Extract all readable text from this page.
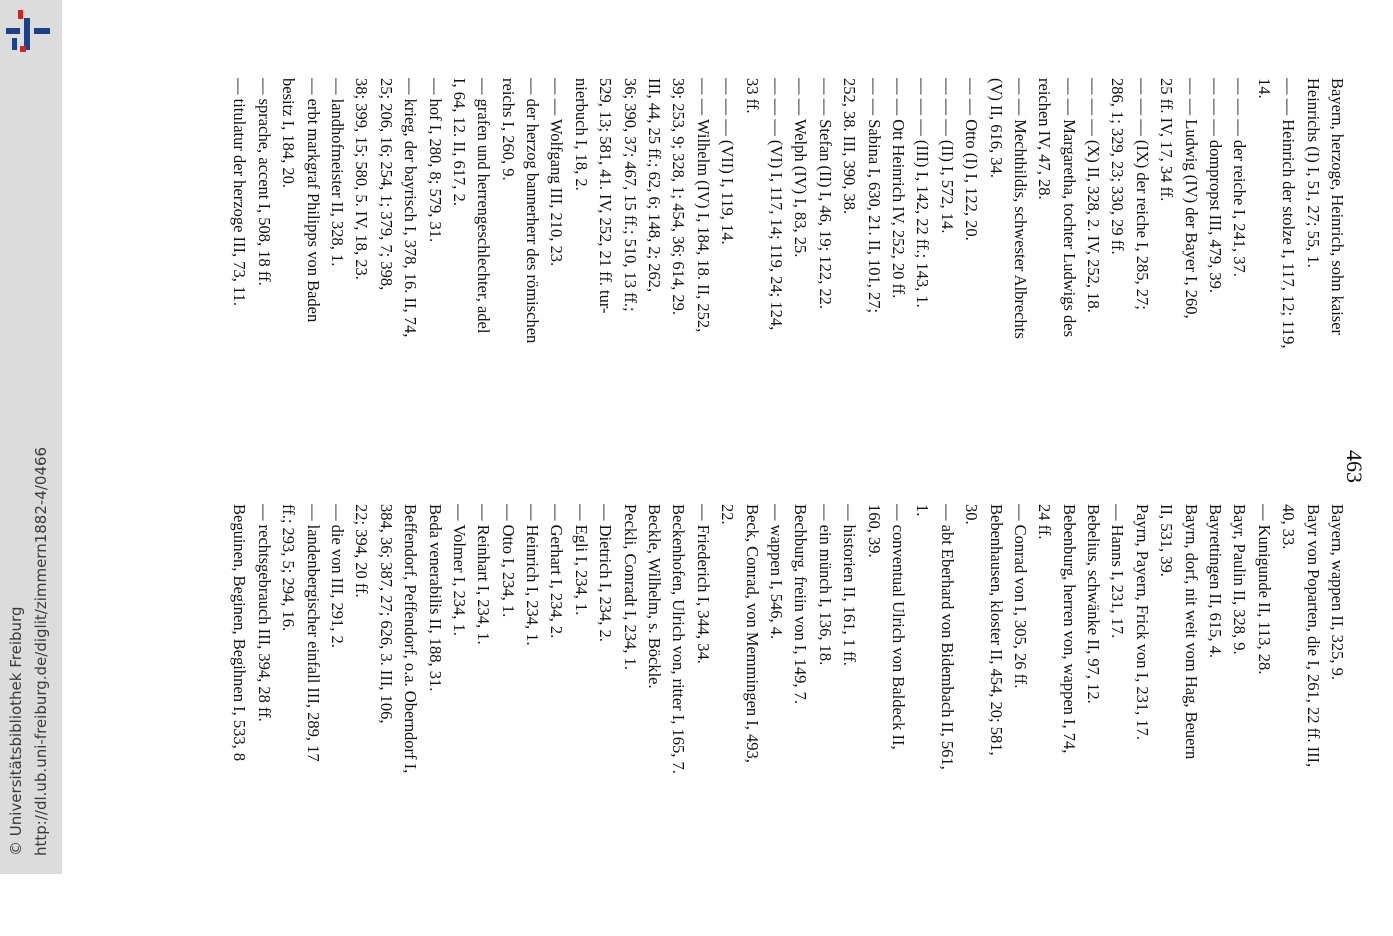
http://dl.ub.uni-freiburg.de/diglit/zimmern1882-4/0466
© Universitätsbibliothek Freiburg
463
Bayern, herzoge, Heinrich, sohn kaiser
Heinrichs (I) I, 51, 27; 55, 1.
— — Heinrich der stolze I, 117, 12; 119,
14.
— — — der reiche I, 241, 37.
— — — dompropst III, 479, 39.
— — Ludwig (IV) der Bayer I, 260,
25 ff. IV, 17, 34 ff.
— — — (IX) der reiche I, 285, 27;
286, 1; 329, 23; 330, 29 ff.
— — — (X) II, 328, 2. IV, 252, 18.
— — Margaretha, tochter Ludwigs des
reichen IV, 47, 28.
— — Mechthildis, schwester Albrechts
(V) II, 616, 34.
— — Otto (I) I, 122, 20.
— — — (II) I, 572, 14.
— — — (III) I, 142, 22 ff.; 143, 1.
— — Ott Heinrich IV, 252, 20 ff.
— — Sabina I, 630, 21. II, 101, 27;
252, 38. III, 390, 38.
— — Stefan (II) I, 46, 19; 122, 22.
— — Welph (IV) I, 83, 25.
— — — (VI) I, 117, 14; 119, 24; 124,
33 ff.
— — — (VII) I, 119, 14.
— — Wilhelm (IV) I, 184, 18. II, 252,
39; 253, 9; 328, 1; 454, 36; 614, 29.
III, 44, 25 ff.; 62, 6; 148, 2; 262,
36; 390, 37; 467, 15 ff.; 510, 13 ff.;
529, 13; 581, 41. IV, 252, 21 ff. tur-
nierbuch I, 18, 2.
— — Wolfgang III, 210, 23.
— der herzog bannerherr des römischen
reichs I, 260, 9.
— grafen und herrengeschlechter, adel
I, 64, 12. II, 617, 2.
— hof I, 280, 8; 579, 31.
— krieg, der bayrisch I, 378, 16. II, 74,
25; 206, 16; 254, 1; 379, 7; 398,
38; 399, 15; 580, 5. IV, 18, 23.
— landhofmeister II, 328, 1.
— erbt markgraf Philipps von Baden
besitz I, 184, 20.
— sprache, accent I, 508, 18 ff.
— titulatur der herzoge III, 73, 11.
Bayern, wappen II, 325, 9.
Bayr von Poparten, die I, 261, 22 ff. III,
40, 33.
— Kunigunde II, 113, 28.
Bayr, Paulin II, 328, 9.
Bayrettingen II, 615, 4.
Bayrn, dorf, nit weit vom Hag, Beuern
II, 531, 39.
Payrn, Payern, Frick von I, 231, 17.
— Hanns I, 231, 17.
Bebelius, schwänke II, 97, 12.
Bebenburg, herren von, wappen I, 74,
24 ff.
— Conrad von I, 305, 26 ff.
Bebenhausen, kloster II, 454, 20; 581,
30.
— abt Eberhard von Bidembach II, 561,
1.
— conventual Ulrich von Baldeck II,
160, 39.
— historien II, 161, 1 ff.
— ein münch I, 136, 18.
Bechburg, freiin von I, 149, 7.
— wappen I, 546, 4.
Beck, Conrad, von Memmingen I, 493,
22.
— Friederich I, 344, 34.
Beckenhofen, Ulrich von, ritter I, 165, 7.
Beckle, Wilhelm, s. Böckle.
Peckli, Conradt I, 234, 1.
— Dietrich I, 234, 2.
— Egli I, 234, 1.
— Gerhart I, 234, 2.
— Heinrich I, 234, 1.
— Otto I, 234, 1.
— Reinhart I, 234, 1.
— Volmer I, 234, 1.
Beda venerabilis II, 188, 31.
Beffendorf, Peffendorf, o.a. Oberndorf I,
384, 36; 387, 27; 626, 3. III, 106,
22; 394, 20 ff.
— die von III, 291, 2.
— landenbergischer einfall III, 289, 17
ff.; 293, 5; 294, 16.
— rechtsgebrauch III, 394, 28 ff.
Beguinen, Beginen, Begihnen I, 533, 8
